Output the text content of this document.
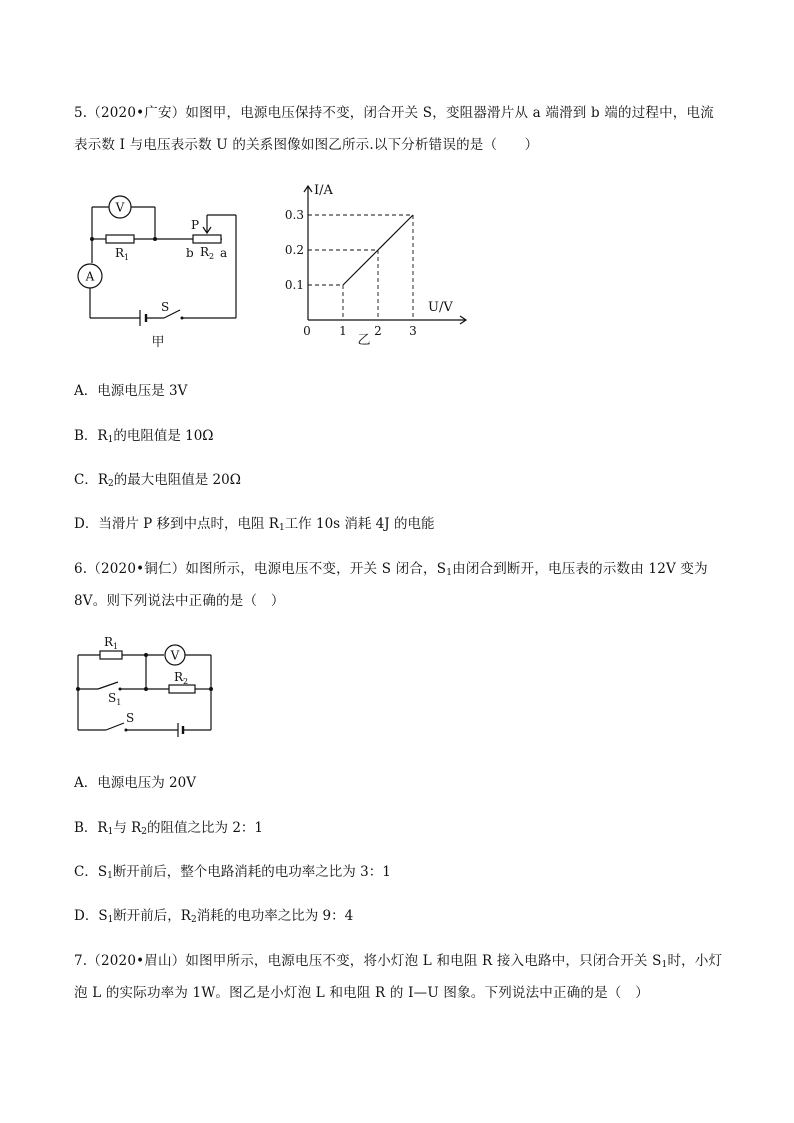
5.（2020•广安）如图甲，电源电压保持不变，闭合开关 S，变阻器滑片从 a 端滑到 b 端的过程中，电流
表示数 I 与电压表示数 U 的关系图像如图乙所示.以下分析错误的是（　　）
V
A
$R_1$
P
b $R_2$ a
S
甲
0 1 2 3
0.1
0.2
0.3
I/A
U/V
乙
A．电源电压是 3V
B．$R_1$的电阻值是 10Ω
C．$R_2$的最大电阻值是 20Ω
D．当滑片 P 移到中点时，电阻 $R_1$工作 10s 消耗 4J 的电能
6.（2020•铜仁）如图所示，电源电压不变，开关 S 闭合，$S_1$由闭合到断开，电压表的示数由 12V 变为
8V。则下列说法中正确的是（　）
$R_1$
V
$R_2$
$S_1$
S
A．电源电压为 20V
B．$R_1$与 $R_2$的阻值之比为 2：1
C．$S_1$断开前后，整个电路消耗的电功率之比为 3：1
D．$S_1$断开前后，$R_2$消耗的电功率之比为 9：4
7.（2020•眉山）如图甲所示，电源电压不变，将小灯泡 L 和电阻 R 接入电路中，只闭合开关 $S_1$时，小灯
泡 L 的实际功率为 1W。图乙是小灯泡 L 和电阻 R 的 I—U 图象。下列说法中正确的是（　）
